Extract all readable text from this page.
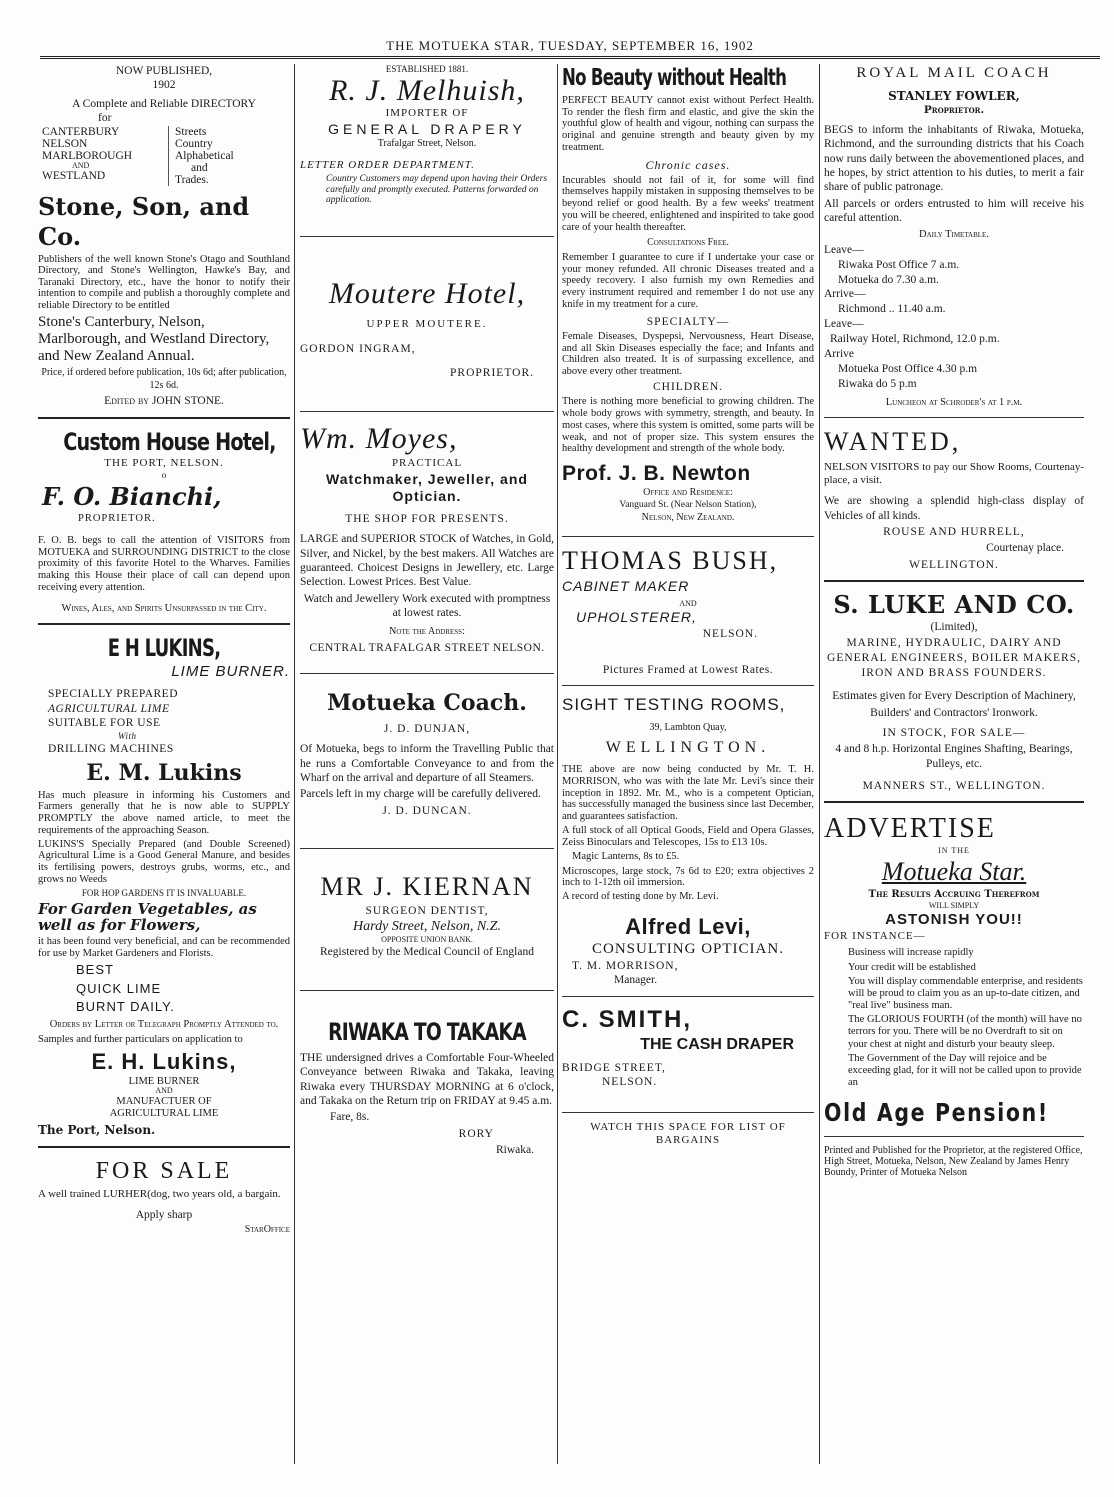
THE MOTUEKA STAR, TUESDAY, SEPTEMBER 16, 1902
NOW PUBLISHED,
1902
A Complete and Reliable DIRECTORY
for
CANTERBURY
NELSON
MARLBOROUGH
AND
WESTLAND
Streets
Country
Alphabetical
and
Trades.
Stone, Son, and Co.

Publishers of the well known Stone's Otago and Southland Directory, and Stone's Wellington, Hawke's Bay, and Taranaki Directory, etc., have the honor to notify their intention to compile and publish a thoroughly complete and reliable Directory to be entitled

Stone's Canterbury, Nelson, Marlborough, and Westland Directory, and New Zealand Annual.

Price, if ordered before publication, 10s 6d; after publication, 12s 6d.

Edited by JOHN STONE.

Custom House Hotel,
THE PORT, NELSON.
o
F. O. Bianchi,
PROPRIETOR.

F. O. B. begs to call the attention of VISITORS from MOTUEKA and SURROUNDING DISTRICT to the close proximity of this favorite Hotel to the Wharves. Families making this House their place of call can depend upon receiving every attention.

Wines, Ales, and Spirits Unsurpassed in the City.

E H LUKINS,
LIME BURNER.
SPECIALLY PREPARED
AGRICULTURAL LIME
SUITABLE FOR USE
With
DRILLING MACHINES
E. M. Lukins

Has much pleasure in informing his Customers and Farmers generally that he is now able to SUPPLY PROMPTLY the above named article, to meet the requirements of the approaching Season.

LUKINS'S Specially Prepared (and Double Screened) Agricultural Lime is a Good General Manure, and besides its fertilising powers, destroys grubs, worms, etc., and grows no Weeds

FOR HOP GARDENS IT IS INVALUABLE.

For Garden Vegetables, as well as for Flowers,

it has been found very beneficial, and can be recommended for use by Market Gardeners and Florists.

BEST
QUICK LIME
BURNT DAILY.

Orders by Letter or Telegraph Promptly Attended to.

Samples and further particulars on application to

E. H. Lukins,
LIME BURNER
AND
MANUFACTUER OF
AGRICULTURAL LIME
The Port, Nelson.
FOR SALE

A well trained LURHER(dog, two years old, a bargain.

Apply sharp

StarOffice

ESTABLISHED 1881.
R. J. Melhuish,
IMPORTER OF
GENERAL DRAPERY
Trafalgar Street, Nelson.
LETTER ORDER DEPARTMENT.

Country Customers may depend upon having their Orders carefully and promptly executed. Patterns forwarded on application.

Moutere Hotel,
UPPER MOUTERE.
GORDON INGRAM,
PROPRIETOR.
Wm. Moyes,
PRACTICAL
Watchmaker, Jeweller, and Optician.
THE SHOP FOR PRESENTS.

LARGE and SUPERIOR STOCK of Watches, in Gold, Silver, and Nickel, by the best makers. All Watches are guaranteed. Choicest Designs in Jewellery, etc. Large Selection. Lowest Prices. Best Value.

Watch and Jewellery Work executed with promptness at lowest rates.

Note the Address:

CENTRAL TRAFALGAR STREET NELSON.

Motueka Coach.
J. D. DUNJAN,

Of Motueka, begs to inform the Travelling Public that he runs a Comfortable Conveyance to and from the Wharf on the arrival and departure of all Steamers.

Parcels left in my charge will be carefully delivered.

J. D. DUNCAN.

MR J. KIERNAN
SURGEON DENTIST,
Hardy Street, Nelson, N.Z.
OPPOSITE UNION BANK.
Registered by the Medical Council of England
RIWAKA TO TAKAKA

THE undersigned drives a Comfortable Four-Wheeled Conveyance between Riwaka and Takaka, leaving Riwaka every THURSDAY MORNING at 6 o'clock, and Takaka on the Return trip on FRIDAY at 9.45 a.m.

Fare, 8s.

RORY

Riwaka.

No Beauty without Health

PERFECT BEAUTY cannot exist without Perfect Health. To render the flesh firm and elastic, and give the skin the youthful glow of health and vigour, nothing can surpass the original and genuine strength and beauty given by my treatment.

Chronic cases.

Incurables should not fail of it, for some will find themselves happily mistaken in supposing themselves to be beyond relief or good health. By a few weeks' treatment you will be cheered, enlightened and inspirited to take good care of your health thereafter.

Consultations Free.

Remember I guarantee to cure if I undertake your case or your money refunded. All chronic Diseases treated and a speedy recovery. I also furnish my own Remedies and every instrument required and remember I do not use any knife in my treatment for a cure.

SPECIALTY—

Female Diseases, Dyspepsi, Nervousness, Heart Disease, and all Skin Diseases especially the face; and Infants and Children also treated. It is of surpassing excellence, and above every other treatment.

CHILDREN.

There is nothing more beneficial to growing children. The whole body grows with symmetry, strength, and beauty. In most cases, where this system is omitted, some parts will be weak, and not of proper size. This system ensures the healthy development and strength of the whole body.

Prof. J. B. Newton
Office and Residence:
Vanguard St. (Near Nelson Station),
Nelson, New Zealand.
THOMAS BUSH,
CABINET MAKER
AND
UPHOLSTERER,
NELSON.

Pictures Framed at Lowest Rates.

SIGHT TESTING ROOMS,
39, Lambton Quay,
WELLINGTON.

THE above are now being conducted by Mr. T. H. MORRISON, who was with the late Mr. Levi's since their inception in 1892. Mr. M., who is a competent Optician, has successfully managed the business since last December, and guarantees satisfaction.

A full stock of all Optical Goods, Field and Opera Glasses, Zeiss Binoculars and Telescopes, 15s to £13 10s.

Magic Lanterns, 8s to £5.

Microscopes, large stock, 7s 6d to £20; extra objectives 2 inch to 1-12th oil immersion.

A record of testing done by Mr. Levi.

Alfred Levi,
CONSULTING OPTICIAN.
T. M. MORRISON,
Manager.
C. SMITH,
THE CASH DRAPER
BRIDGE STREET,
NELSON.

WATCH THIS SPACE FOR LIST OF BARGAINS

ROYAL MAIL COACH
STANLEY FOWLER,
Proprietor.

BEGS to inform the inhabitants of Riwaka, Motueka, Richmond, and the surrounding districts that his Coach now runs daily between the abovementioned places, and he hopes, by strict attention to his duties, to merit a fair share of public patronage.

All parcels or orders entrusted to him will receive his careful attention.

Daily Timetable.

Leave—
Riwaka Post Office 7 a.m.
Motueka do 7.30 a.m.
Arrive—
Richmond .. 11.40 a.m.
Leave—
Railway Hotel, Richmond, 12.0 p.m.
Arrive
Motueka Post Office 4.30 p.m
Riwaka do 5 p.m

Luncheon at Schroder's at 1 p.m.

WANTED,

NELSON VISITORS to pay our Show Rooms, Courtenay-place, a visit.

We are showing a splendid high-class display of Vehicles of all kinds.

ROUSE AND HURRELL,

Courtenay place.

WELLINGTON.

S. LUKE AND CO.
(Limited),

MARINE, HYDRAULIC, DAIRY AND GENERAL ENGINEERS, BOILER MAKERS, IRON AND BRASS FOUNDERS.

Estimates given for Every Description of Machinery,

Builders' and Contractors' Ironwork.

IN STOCK, FOR SALE—

4 and 8 h.p. Horizontal Engines Shafting, Bearings, Pulleys, etc.

MANNERS ST., WELLINGTON.

ADVERTISE
IN THE
Motueka Star.
The Results Accruing Therefrom
WILL SIMPLY
ASTONISH YOU!!
FOR INSTANCE—

Business will increase rapidly

Your credit will be established

You will display commendable enterprise, and residents will be proud to claim you as an up-to-date citizen, and "real live" business man.

The GLORIOUS FOURTH (of the month) will have no terrors for you. There will be no Overdraft to sit on your chest at night and disturb your beauty sleep.

The Government of the Day will rejoice and be exceeding glad, for it will not be called upon to provide an

Old Age Pension!

Printed and Published for the Proprietor, at the registered Office, High Street, Motueka, Nelson, New Zealand by James Henry Boundy, Printer of Motueka Nelson
